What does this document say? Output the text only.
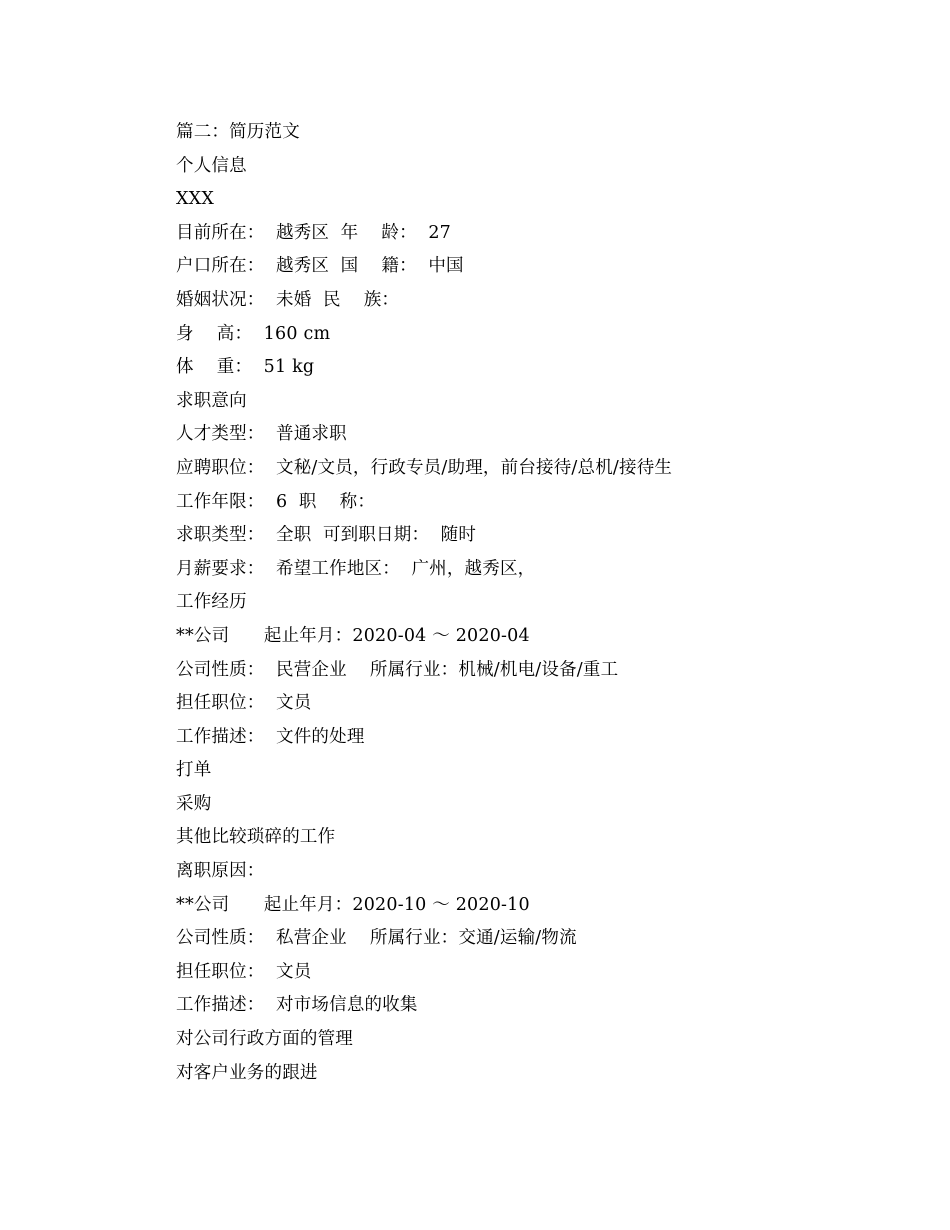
篇二：简历范文
个人信息
XXX
目前所在：  越秀区  年    龄：  27
户口所在：  越秀区  国    籍：  中国
婚姻状况：  未婚  民    族：
身    高：  160 cm
体    重：  51 kg
求职意向
人才类型：  普通求职
应聘职位：  文秘/文员，行政专员/助理，前台接待/总机/接待生
工作年限：  6  职    称：
求职类型：  全职  可到职日期：  随时
月薪要求：  希望工作地区：  广州，越秀区，
工作经历
**公司      起止年月：2020-04 ～ 2020-04
公司性质：  民营企业    所属行业：机械/机电/设备/重工
担任职位：  文员
工作描述：  文件的处理
打单
采购
其他比较琐碎的工作
离职原因：
**公司      起止年月：2020-10 ～ 2020-10
公司性质：  私营企业    所属行业：交通/运输/物流
担任职位：  文员
工作描述：  对市场信息的收集
对公司行政方面的管理
对客户业务的跟进
